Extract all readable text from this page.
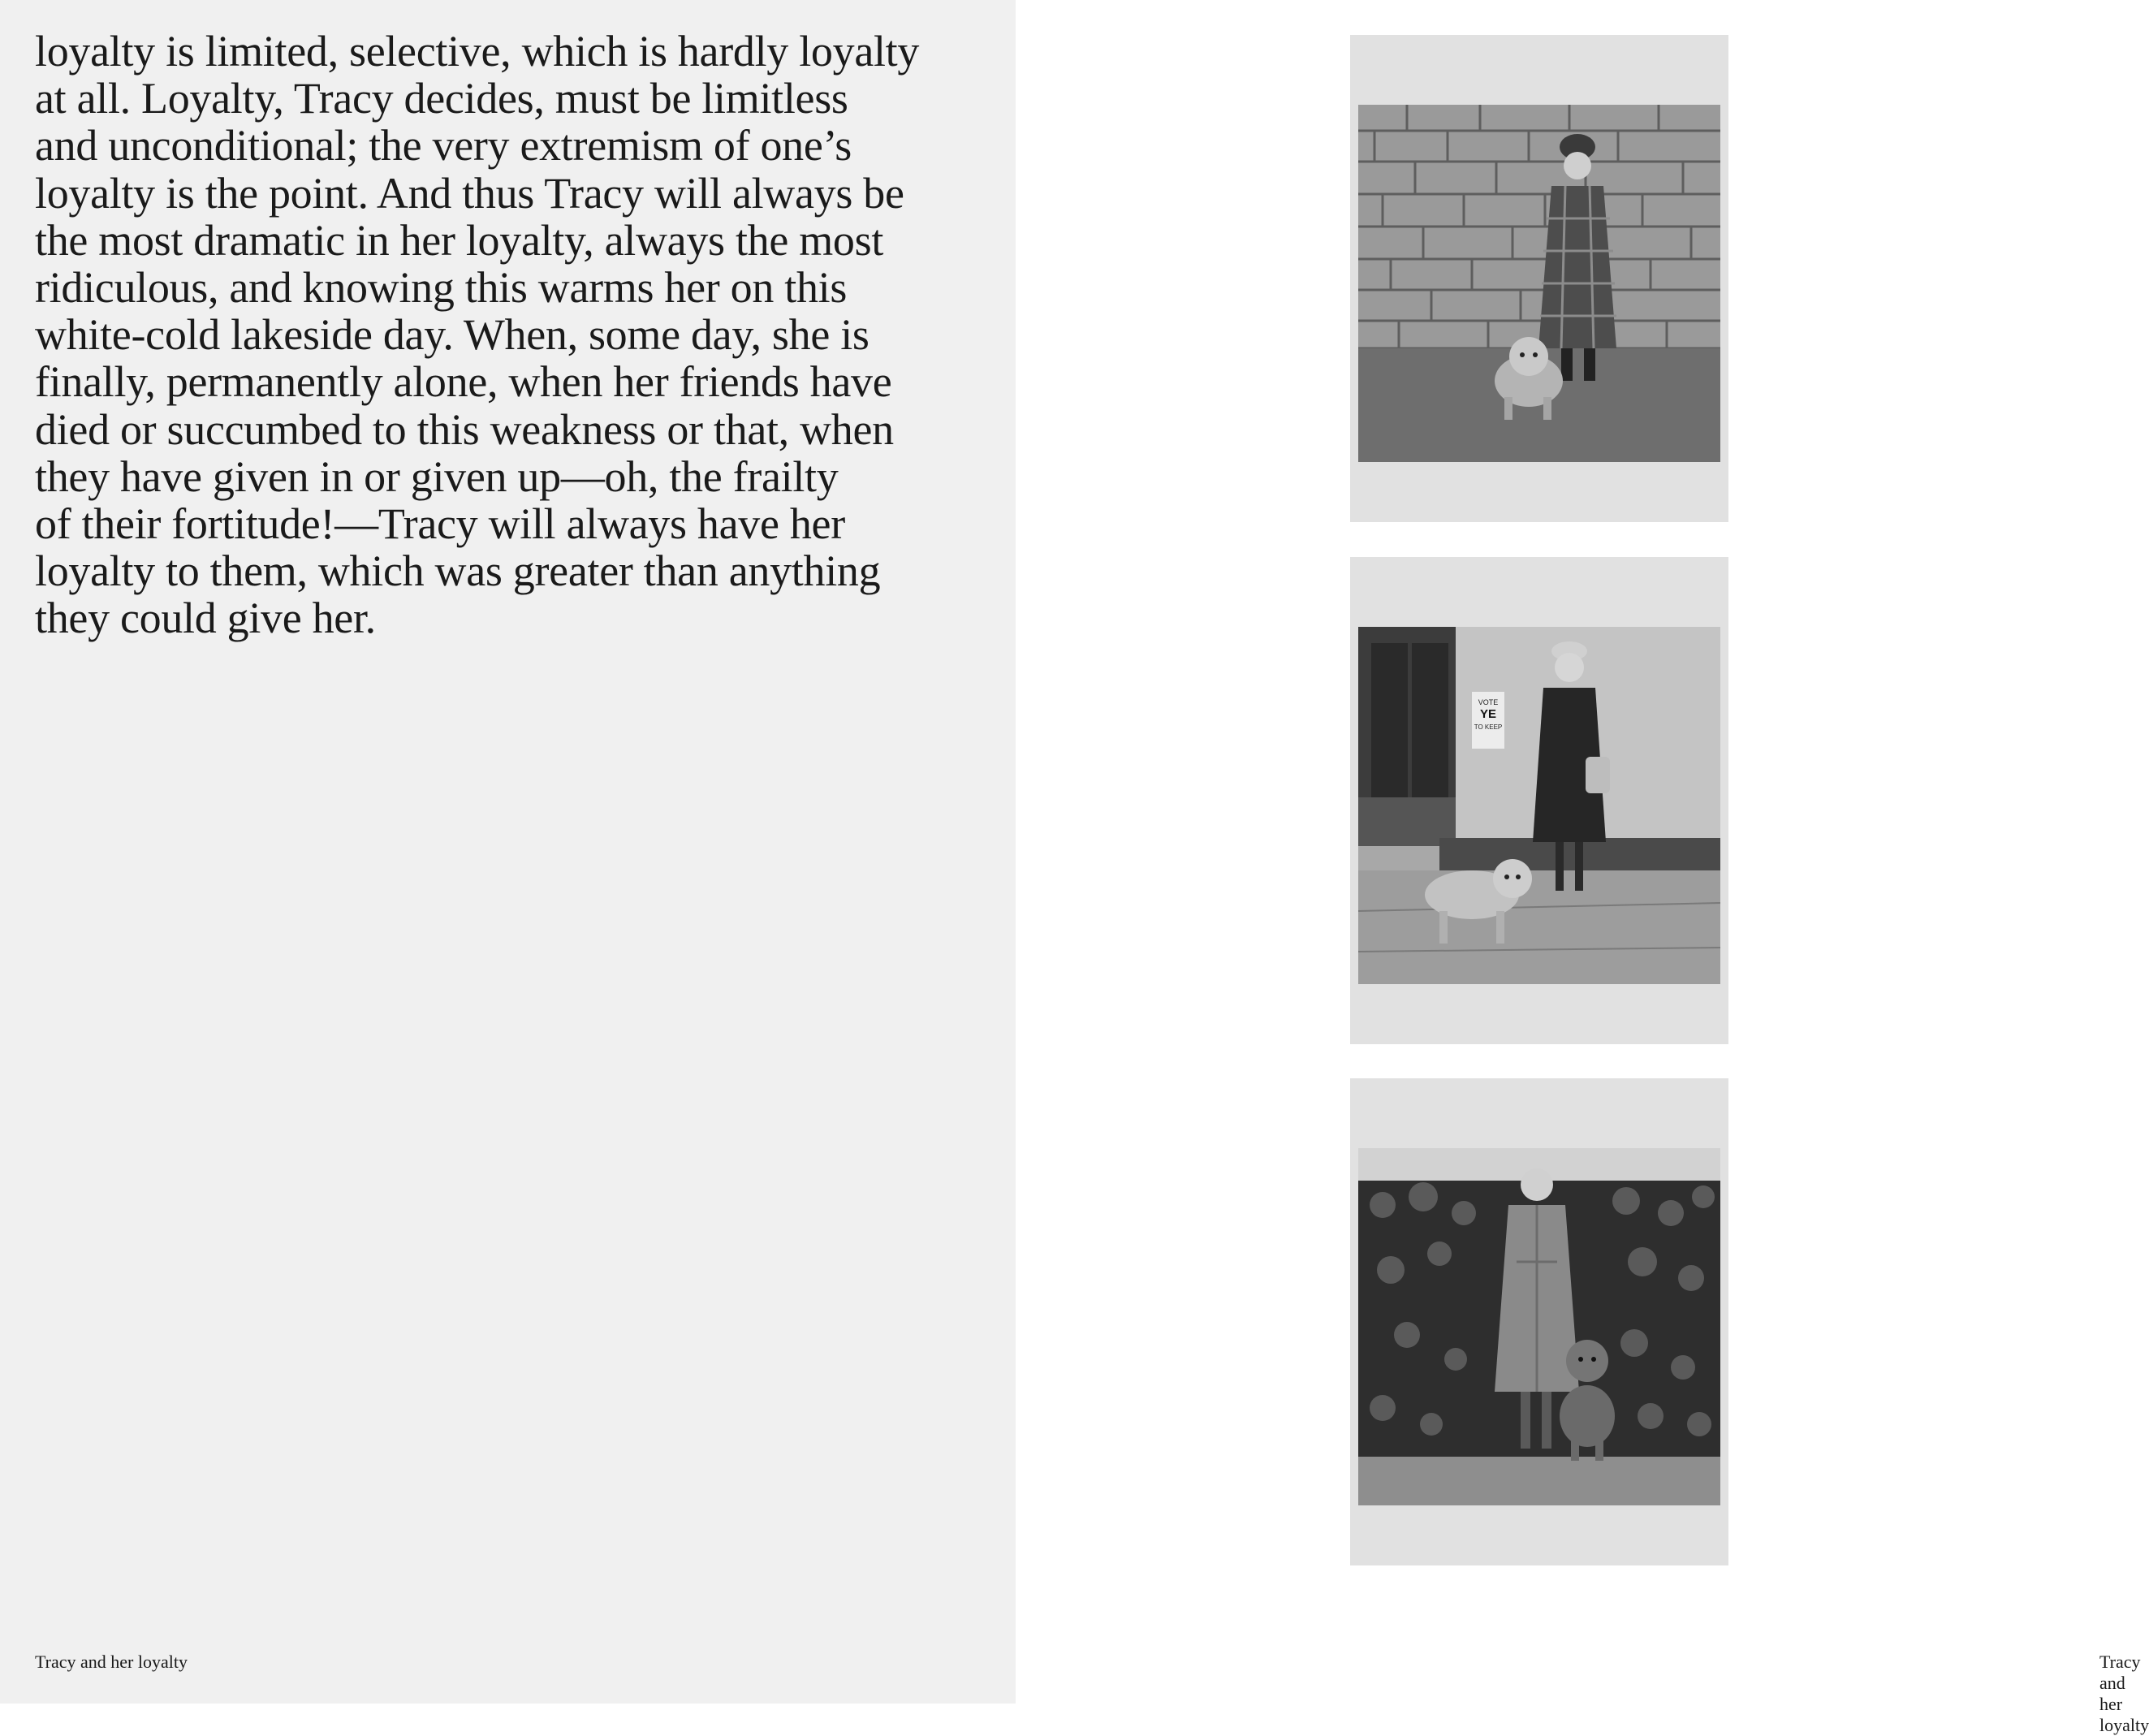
loyalty is limited, selective, which is hardly loyalty
at all. Loyalty, Tracy decides, must be limitless
and unconditional; the very extremism of one’s
loyalty is the point. And thus Tracy will always be
the most dramatic in her loyalty, always the most
ridiculous, and knowing this warms her on this
white-cold lakeside day. When, some day, she is
finally, permanently alone, when her friends have
died or succumbed to this weakness or that, when
they have given in or given up—oh, the frailty
of their fortitude!—Tracy will always have her
loyalty to them, which was greater than anything
they could give her.

Tracy and her loyalty	Tracy and her loyalty
VOTE
YE
TO KEEP
